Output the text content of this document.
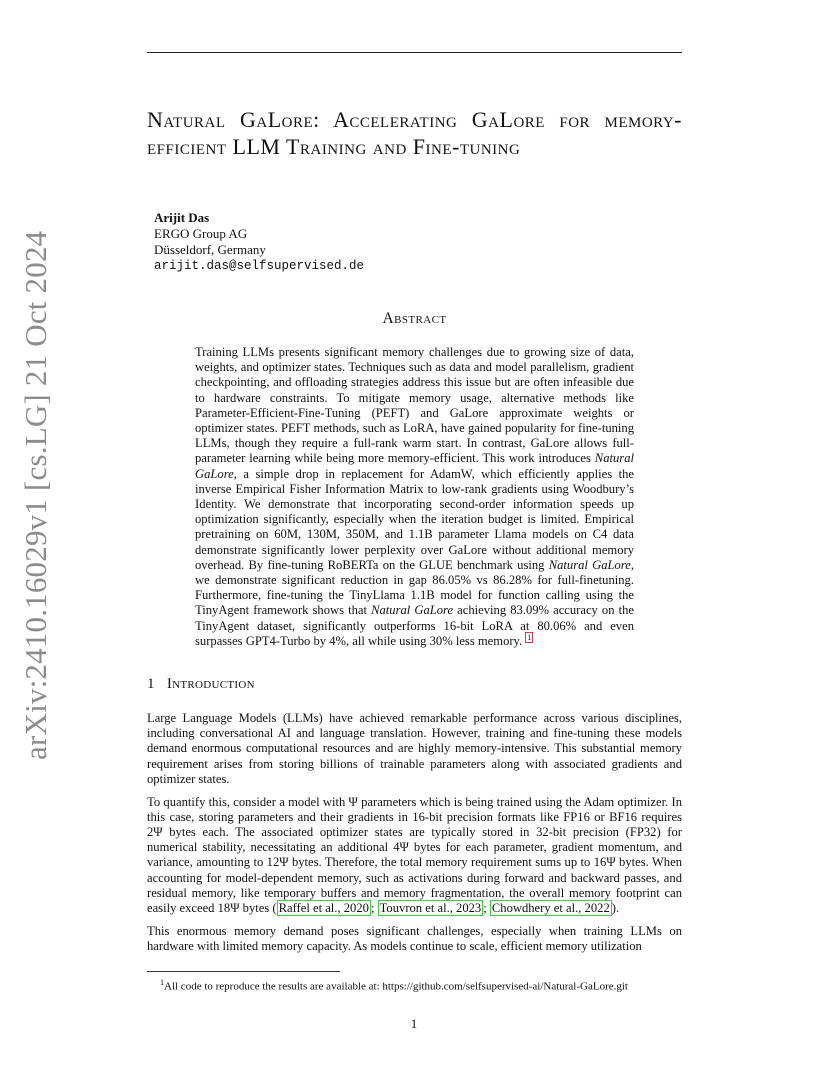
arXiv:2410.16029v1 [cs.LG] 21 Oct 2024
Natural GaLore: Accelerating GaLore for memory-efficient LLM Training and Fine-tuning
Arijit Das
ERGO Group AG
Düsseldorf, Germany
arijit.das@selfsupervised.de
Abstract

Training LLMs presents significant memory challenges due to growing size of data, weights, and optimizer states. Techniques such as data and model parallelism, gradient checkpointing, and offloading strategies address this issue but are often infeasible due to hardware constraints. To mitigate memory usage, alternative methods like Parameter-Efficient-Fine-Tuning (PEFT) and GaLore approximate weights or optimizer states. PEFT methods, such as LoRA, have gained popularity for fine-tuning LLMs, though they require a full-rank warm start. In contrast, GaLore allows full-parameter learning while being more memory-efficient. This work introduces Natural GaLore, a simple drop in replacement for AdamW, which efficiently applies the inverse Empirical Fisher Information Matrix to low-rank gradients using Woodbury’s Identity. We demonstrate that incorporating second-order information speeds up optimization significantly, especially when the iteration budget is limited. Empirical pretraining on 60M, 130M, 350M, and 1.1B parameter Llama models on C4 data demonstrate significantly lower perplexity over GaLore without additional memory overhead. By fine-tuning RoBERTa on the GLUE benchmark using Natural GaLore, we demonstrate significant reduction in gap 86.05% vs 86.28% for full-finetuning. Furthermore, fine-tuning the TinyLlama 1.1B model for function calling using the TinyAgent framework shows that Natural GaLore achieving 83.09% accuracy on the TinyAgent dataset, significantly outperforms 16-bit LoRA at 80.06% and even surpasses GPT4-Turbo by 4%, all while using 30% less memory. $^1$

1 Introduction

Large Language Models (LLMs) have achieved remarkable performance across various disciplines, including conversational AI and language translation. However, training and fine-tuning these models demand enormous computational resources and are highly memory-intensive. This substantial memory requirement arises from storing billions of trainable parameters along with associated gradients and optimizer states.

To quantify this, consider a model with Ψ parameters which is being trained using the Adam optimizer. In this case, storing parameters and their gradients in 16-bit precision formats like FP16 or BF16 requires 2Ψ bytes each. The associated optimizer states are typically stored in 32-bit precision (FP32) for numerical stability, necessitating an additional 4Ψ bytes for each parameter, gradient momentum, and variance, amounting to 12Ψ bytes. Therefore, the total memory requirement sums up to 16Ψ bytes. When accounting for model-dependent memory, such as activations during forward and backward passes, and residual memory, like temporary buffers and memory fragmentation, the overall memory footprint can easily exceed 18Ψ bytes ( Raffel et al., 2020 ; Touvron et al., 2023 ; Chowdhery et al., 2022 ).

This enormous memory demand poses significant challenges, especially when training LLMs on hardware with limited memory capacity. As models continue to scale, efficient memory utilization

$^1$All code to reproduce the results are available at: https://github.com/selfsupervised-ai/Natural-GaLore.git
1
